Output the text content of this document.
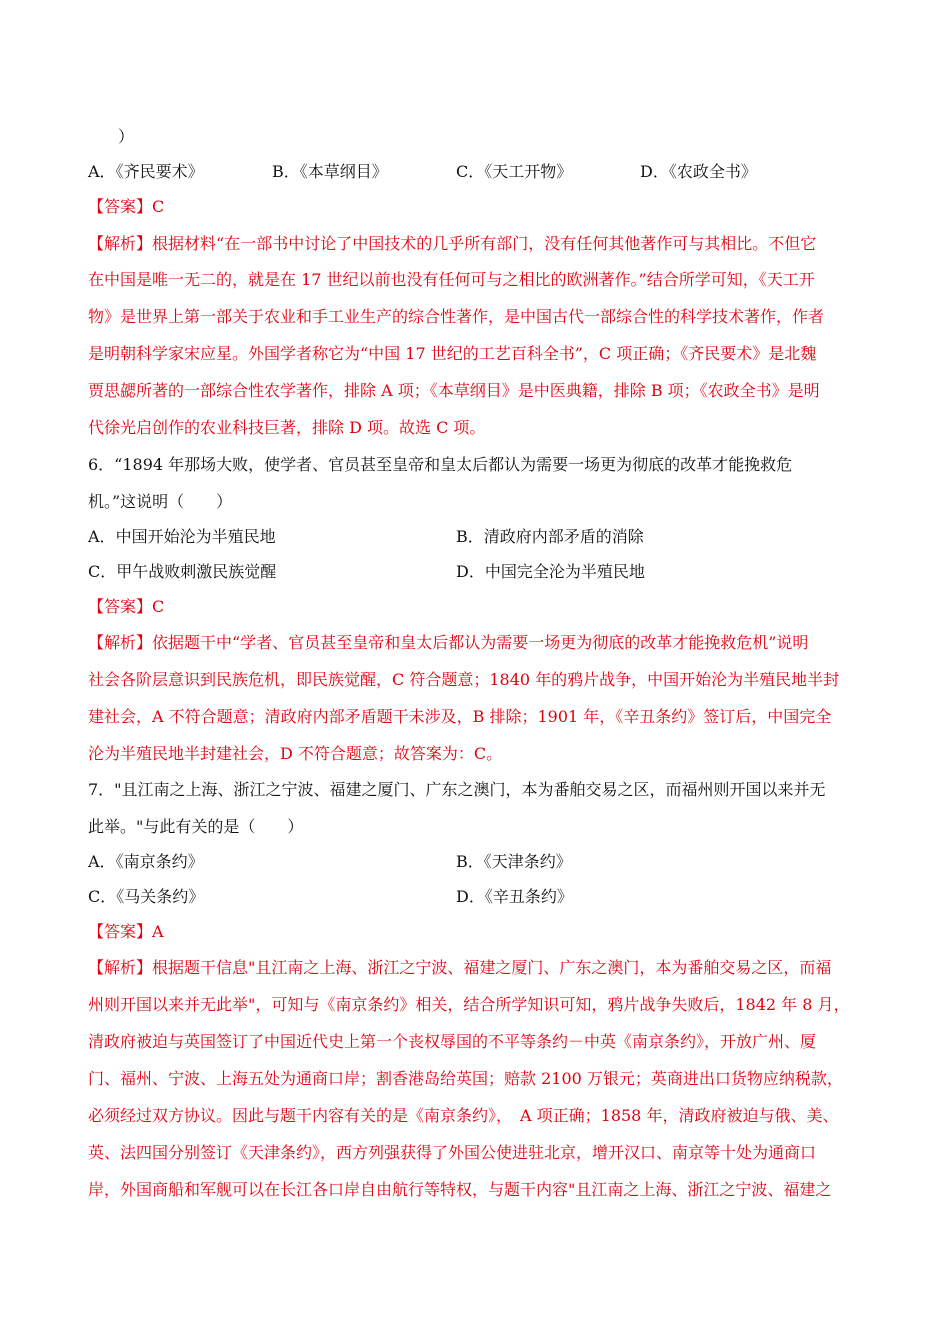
）
A．《齐民要术》	B．《本草纲目》	C．《天工开物》	D．《农政全书》
【答案】C
【解析】根据材料“在一部书中讨论了中国技术的几乎所有部门，没有任何其他著作可与其相比。不但它
在中国是唯一无二的，就是在 17 世纪以前也没有任何可与之相比的欧洲著作。”结合所学可知，《天工开
物》是世界上第一部关于农业和手工业生产的综合性著作，是中国古代一部综合性的科学技术著作，作者
是明朝科学家宋应星。外国学者称它为“中国 17 世纪的工艺百科全书”，C 项正确；《齐民要术》是北魏
贾思勰所著的一部综合性农学著作，排除 A 项；《本草纲目》是中医典籍，排除 B 项；《农政全书》是明
代徐光启创作的农业科技巨著，排除 D 项。故选 C 项。
6．“1894 年那场大败，使学者、官员甚至皇帝和皇太后都认为需要一场更为彻底的改革才能挽救危
机。”这说明（　　）
A．中国开始沦为半殖民地	B．清政府内部矛盾的消除
C．甲午战败刺激民族觉醒	D．中国完全沦为半殖民地
【答案】C
【解析】依据题干中“学者、官员甚至皇帝和皇太后都认为需要一场更为彻底的改革才能挽救危机”说明
社会各阶层意识到民族危机，即民族觉醒，C 符合题意；1840 年的鸦片战争，中国开始沦为半殖民地半封
建社会，A 不符合题意；清政府内部矛盾题干未涉及，B 排除；1901 年，《辛丑条约》签订后，中国完全
沦为半殖民地半封建社会，D 不符合题意；故答案为：C。
7．"且江南之上海、浙江之宁波、福建之厦门、广东之澳门，本为番舶交易之区，而福州则开国以来并无
此举。"与此有关的是（　　）
A．《南京条约》	B．《天津条约》
C．《马关条约》	D．《辛丑条约》
【答案】A
【解析】根据题干信息"且江南之上海、浙江之宁波、福建之厦门、广东之澳门，本为番舶交易之区，而福
州则开国以来并无此举"，可知与《南京条约》相关，结合所学知识可知，鸦片战争失败后，1842 年 8 月，
清政府被迫与英国签订了中国近代史上第一个丧权辱国的不平等条约－中英《南京条约》，开放广州、厦
门、福州、宁波、上海五处为通商口岸；割香港岛给英国；赔款 2100 万银元；英商进出口货物应纳税款，
必须经过双方协议。因此与题干内容有关的是《南京条约》，　A 项正确；1858 年，清政府被迫与俄、美、
英、法四国分别签订《天津条约》，西方列强获得了外国公使进驻北京，增开汉口、南京等十处为通商口
岸，外国商船和军舰可以在长江各口岸自由航行等特权，与题干内容"且江南之上海、浙江之宁波、福建之
